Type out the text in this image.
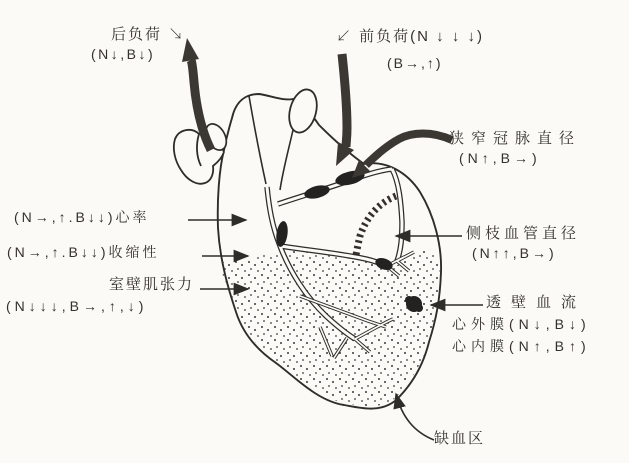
后负荷 ↘
(N↓,B↓)
↙ 前负荷(N ↓ ↓ ↓)
(B→,↑)
狭窄冠脉直径
(N↑,B→)
(N→,↑.B↓↓)心率
(N→,↑.B↓↓)收缩性
室壁肌张力
(N↓↓↓,B→,↑,↓)
侧枝血管直径
(N↑↑,B→)
透壁血流
心外膜(N↓,B↓)
心内膜(N↑,B↑)
缺血区
